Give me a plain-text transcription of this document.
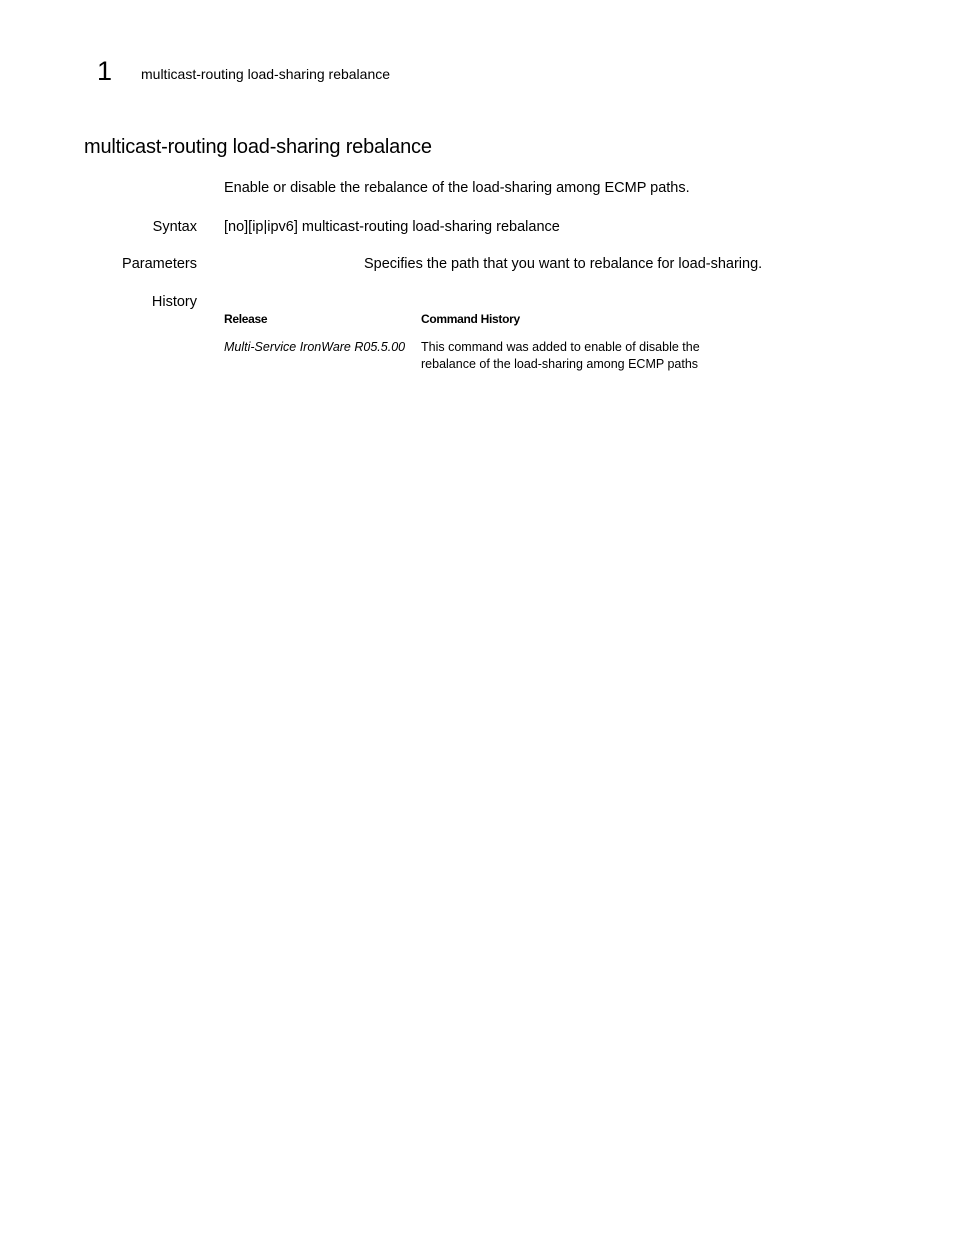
1 multicast-routing load-sharing rebalance
multicast-routing load-sharing rebalance
Enable or disable the rebalance of the load-sharing among ECMP paths.
Syntax [no][ip|ipv6] multicast-routing load-sharing rebalance
Parameters	Specifies the path that you want to rebalance for load-sharing.
History
Release	Command History
Multi-Service IronWare R05.5.00 This command was added to enable of disable the rebalance of the load-sharing among ECMP paths
